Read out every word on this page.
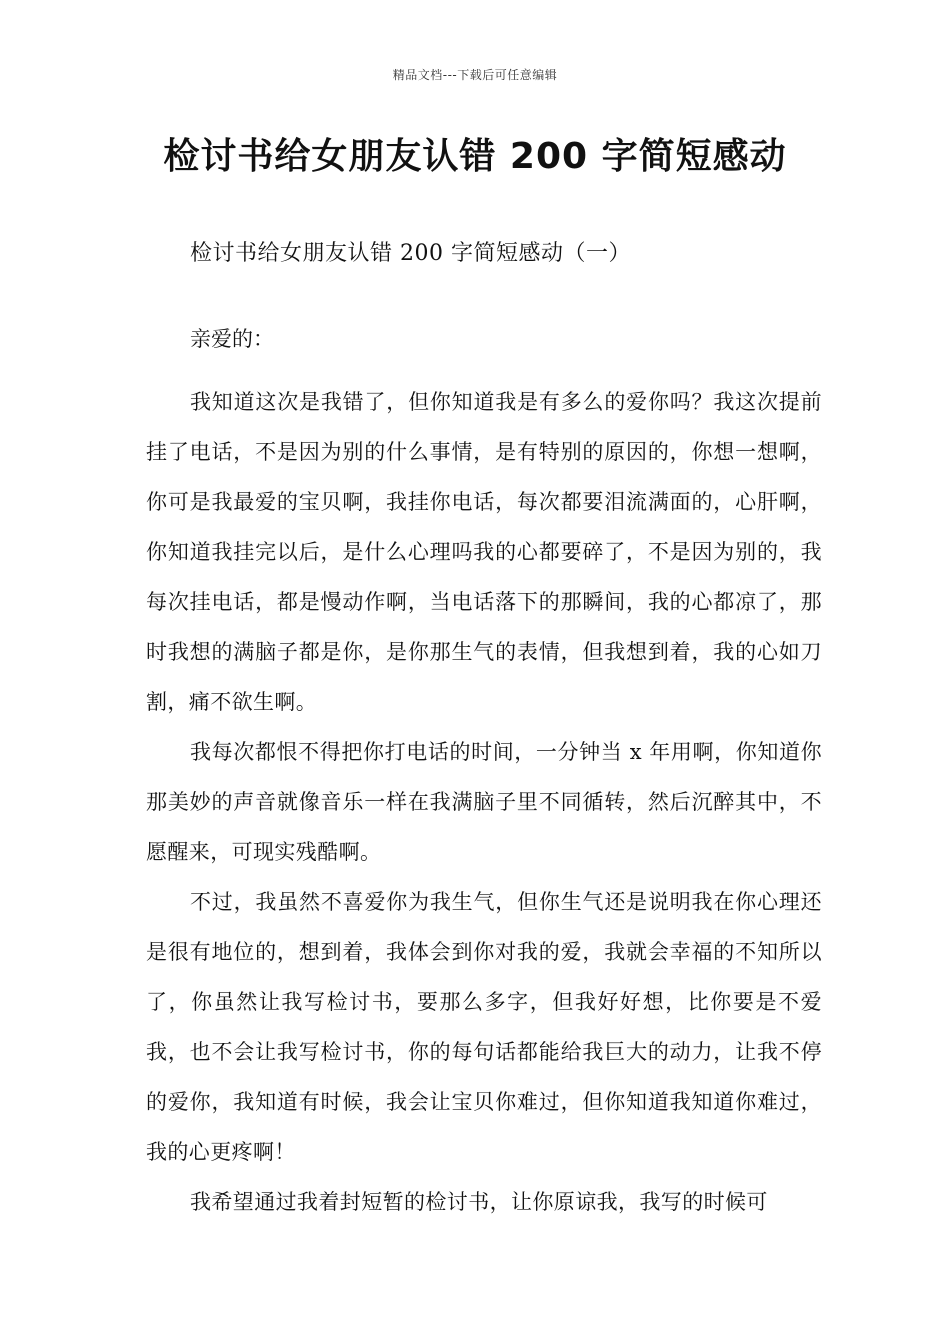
精品文档---下载后可任意编辑
检讨书给女朋友认错 200 字简短感动
检讨书给女朋友认错 200 字简短感动（一）

亲爱的：

我知道这次是我错了，但你知道我是有多么的爱你吗？我这次提前挂了电话，不是因为别的什么事情，是有特别的原因的，你想一想啊，你可是我最爱的宝贝啊，我挂你电话，每次都要泪流满面的，心肝啊，你知道我挂完以后，是什么心理吗我的心都要碎了，不是因为别的，我每次挂电话，都是慢动作啊，当电话落下的那瞬间，我的心都凉了，那时我想的满脑子都是你，是你那生气的表情，但我想到着，我的心如刀割，痛不欲生啊。

我每次都恨不得把你打电话的时间，一分钟当 x 年用啊，你知道你那美妙的声音就像音乐一样在我满脑子里不同循转，然后沉醉其中，不愿醒来，可现实残酷啊。

不过，我虽然不喜爱你为我生气，但你生气还是说明我在你心理还是很有地位的，想到着，我体会到你对我的爱，我就会幸福的不知所以了，你虽然让我写检讨书，要那么多字，但我好好想，比你要是不爱我，也不会让我写检讨书，你的每句话都能给我巨大的动力，让我不停的爱你，我知道有时候，我会让宝贝你难过，但你知道我知道你难过，我的心更疼啊！

我希望通过我着封短暂的检讨书，让你原谅我，我写的时候可
